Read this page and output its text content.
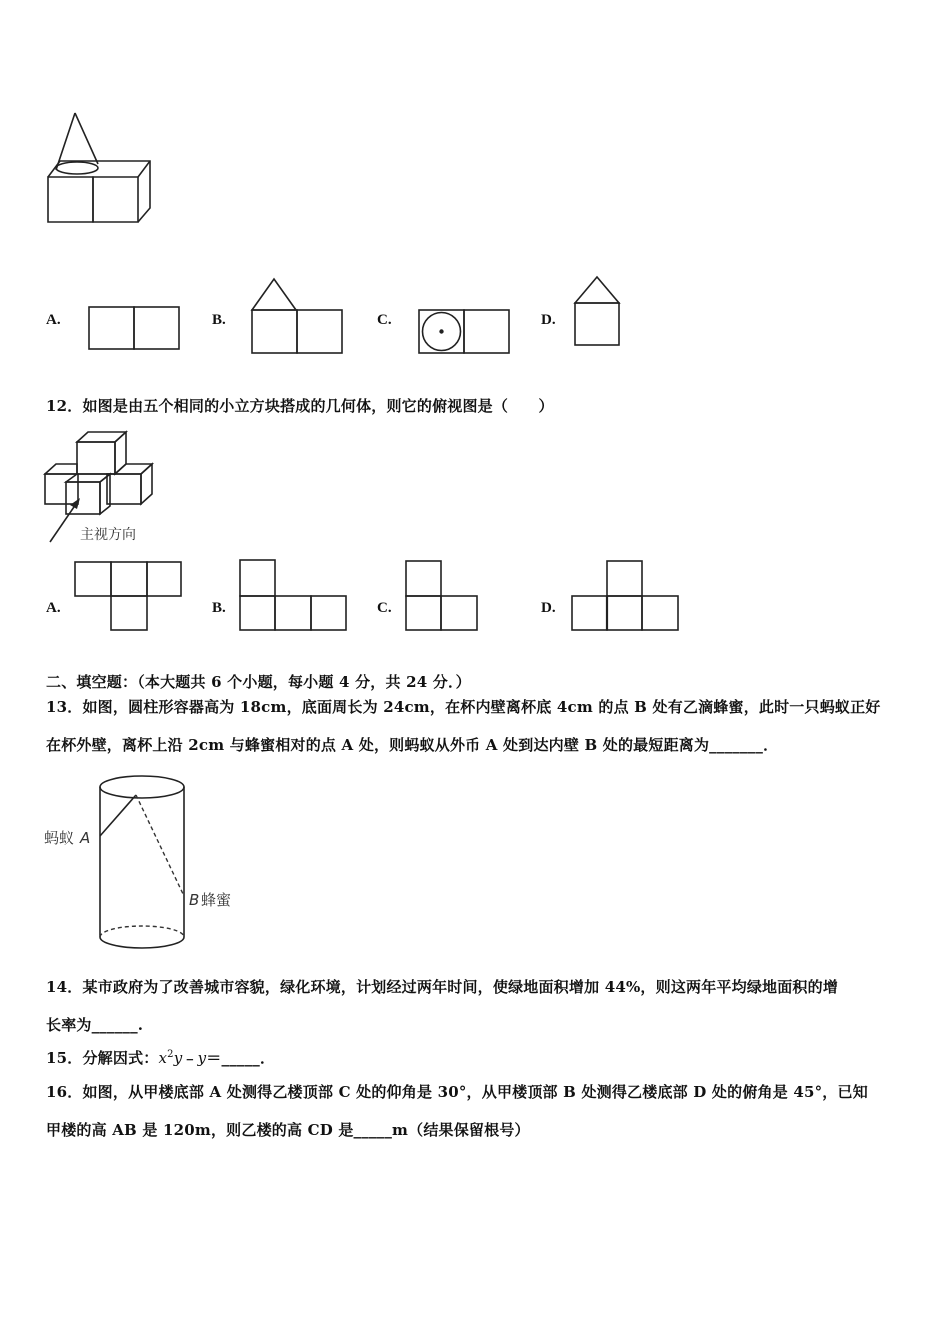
A.	B.	C.	D.
12．如图是由五个相同的小立方块搭成的几何体，则它的俯视图是（　　）
主视方向
A.	B.	C.	D.
二、填空题：（本大题共 6 个小题，每小题 4 分，共 24 分．）
13．如图，圆柱形容器高为 18cm，底面周长为 24cm，在杯内壁离杯底 4cm 的点 B 处有乙滴蜂蜜，此时一只蚂蚁正好
在杯外壁，离杯上沿 2cm 与蜂蜜相对的点 A 处，则蚂蚁从外币 A 处到达内壁 B 处的最短距离为_______．
蚂蚁 A
B 蜂蜜
14．某市政府为了改善城市容貌，绿化环境，计划经过两年时间，使绿地面积增加 44%，则这两年平均绿地面积的增
长率为______.
15．分解因式：$x^2y﹣y=\_\_\_\_\_$．
16．如图，从甲楼底部 A 处测得乙楼顶部 C 处的仰角是 30°，从甲楼顶部 B 处测得乙楼底部 D 处的俯角是 45°，已知
甲楼的高 AB 是 120m，则乙楼的高 CD 是_____m（结果保留根号）
